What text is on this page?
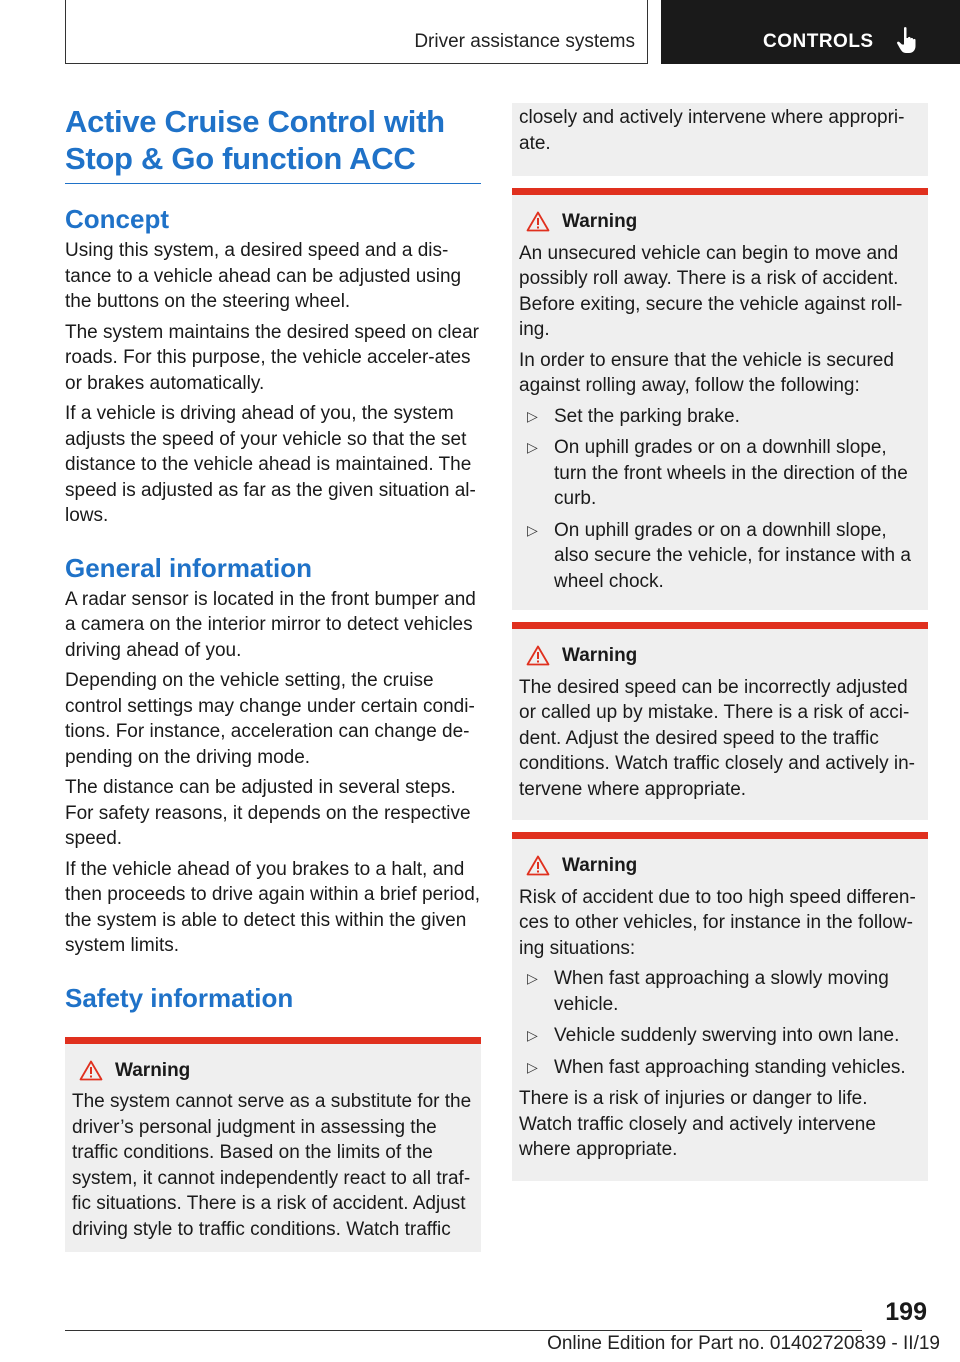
Driver assistance systems	CONTROLS
Active Cruise Control with Stop & Go function ACC
Concept

Using this system, a desired speed and a dis‐tance to a vehicle ahead can be adjusted using the buttons on the steering wheel.

The system maintains the desired speed on clear roads. For this purpose, the vehicle acceler‐ates or brakes automatically.

If a vehicle is driving ahead of you, the system adjusts the speed of your vehicle so that the set distance to the vehicle ahead is maintained. The speed is adjusted as far as the given situation al‐lows.

General information

A radar sensor is located in the front bumper and a camera on the interior mirror to detect vehicles driving ahead of you.

Depending on the vehicle setting, the cruise control settings may change under certain condi‐tions. For instance, acceleration can change de‐pending on the driving mode.

The distance can be adjusted in several steps. For safety reasons, it depends on the respective speed.

If the vehicle ahead of you brakes to a halt, and then proceeds to drive again within a brief period, the system is able to detect this within the given system limits.

Safety information
Warning

The system cannot serve as a substitute for the driver’s personal judgment in assessing the traffic conditions. Based on the limits of the system, it cannot independently react to all traf‐fic situations. There is a risk of accident. Adjust driving style to traffic conditions. Watch traffic

closely and actively intervene where appropri‐ate.

Warning

An unsecured vehicle can begin to move and possibly roll away. There is a risk of accident. Before exiting, secure the vehicle against roll‐ing.

In order to ensure that the vehicle is secured against rolling away, follow the following:

▷ Set the parking brake.
▷ On uphill grades or on a downhill slope, turn the front wheels in the direction of the curb.
▷ On uphill grades or on a downhill slope, also secure the vehicle, for instance with a wheel chock.
Warning

The desired speed can be incorrectly adjusted or called up by mistake. There is a risk of acci‐dent. Adjust the desired speed to the traffic conditions. Watch traffic closely and actively in‐tervene where appropriate.

Warning

Risk of accident due to too high speed differen‐ces to other vehicles, for instance in the follow‐ing situations:

▷ When fast approaching a slowly moving vehicle.
▷ Vehicle suddenly swerving into own lane.
▷ When fast approaching standing vehicles.

There is a risk of injuries or danger to life. Watch traffic closely and actively intervene where appropriate.

199
Online Edition for Part no. 01402720839 - II/19
